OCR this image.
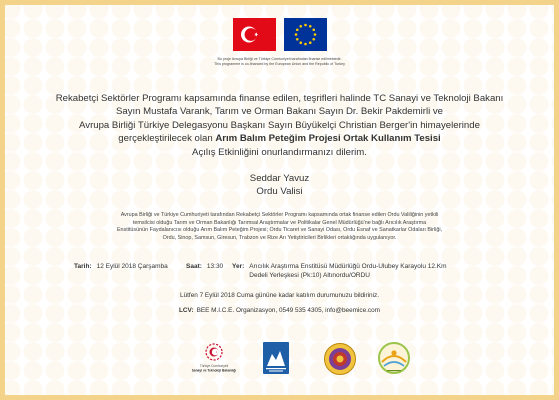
Bu proje Avrupa Birliği ve Türkiye Cumhuriyeti tarafından finanse edilmektedir.
This programme is co-financed by the European Union and the Republic of Turkey
Rekabetçi Sektörler Programı kapsamında finanse edilen, teşrifleri halinde TC Sanayi ve Teknoloji Bakanı
Sayın Mustafa Varank, Tarım ve Orman Bakanı Sayın Dr. Bekir Pakdemirli ve
Avrupa Birliği Türkiye Delegasyonu Başkanı Sayın Büyükelçi Christian Berger'in himayelerinde
gerçekleştirilecek olan Arım Balım Peteğim Projesi Ortak Kullanım Tesisi
Açılış Etkinliğini onurlandırmanızı dilerim.
Seddar Yavuz
Ordu Valisi
Avrupa Birliği ve Türkiye Cumhuriyeti tarafından Rekabetçi Sektörler Programı kapsamında ortak finanse edilen Ordu Valiliğinin yetkili
temsilcisi olduğu Tarım ve Orman Bakanlığı Tarımsal Araştırmalar ve Politikalar Genel Müdürlüğü'ne bağlı Arıcılık Araştırma
Enstitüsünün Faydalanıcısı olduğu Arım Balım Peteğim Projesi; Ordu Ticaret ve Sanayi Odası, Ordu Esnaf ve Sanatkarlar Odaları Birliği,
Ordu, Sinop, Samsun, Giresun, Trabzon ve Rize Arı Yetiştiricileri Birlikleri ortaklığında uygulanıyor.
Tarih: 12 Eylül 2018 Çarşamba	Saat: 13:30	Yer: Arıcılık Araştırma Enstitüsü Müdürlüğü Ordu-Ulubey Karayolu 12.Km Dedeli Yerleşkesi (Pk:10) Altınordu/ORDU
Lütfen 7 Eylül 2018 Cuma gününe kadar katılım durumunuzu bildiriniz.
LCV: BEE M.I.C.E. Organizasyon, 0549 535 4305, info@beemice.com
Türkiye Cumhuriyeti
Sanayi ve Teknoloji Bakanlığı
